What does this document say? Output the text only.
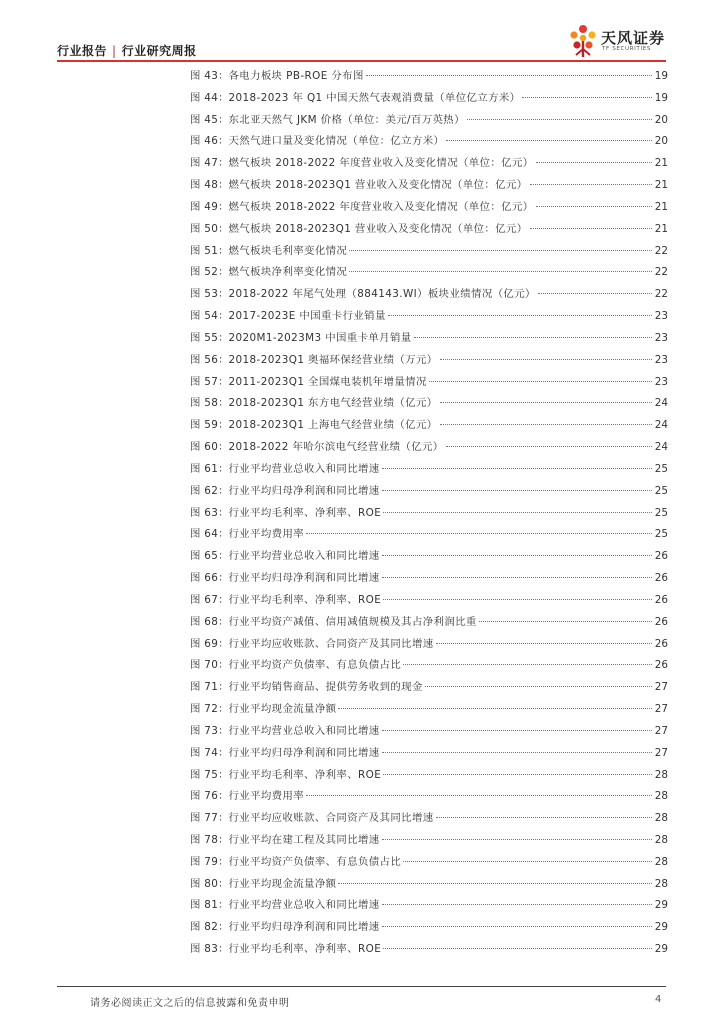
行业报告 | 行业研究周报
天风证券
TF SECURITIES
图 43 ： 各电力板块 PB-ROE 分布图	19
图 44 ： 2018-2023 年 Q1 中国天然气表观消费量（单位亿立方米）	19
图 45 ： 东北亚天然气 JKM 价格（单位：美元/百万英热）	20
图 46 ： 天然气进口量及变化情况（单位：亿立方米）	20
图 47 ： 燃气板块 2018-2022 年度营业收入及变化情况（单位：亿元）	21
图 48 ： 燃气板块 2018-2023Q1 营业收入及变化情况（单位：亿元）	21
图 49 ： 燃气板块 2018-2022 年度营业收入及变化情况（单位：亿元）	21
图 50 ： 燃气板块 2018-2023Q1 营业收入及变化情况（单位：亿元）	21
图 51 ： 燃气板块毛利率变化情况	22
图 52 ： 燃气板块净利率变化情况	22
图 53 ： 2018-2022 年尾气处理（884143.WI）板块业绩情况（亿元）	22
图 54 ： 2017-2023E 中国重卡行业销量	23
图 55 ： 2020M1-2023M3 中国重卡单月销量	23
图 56 ： 2018-2023Q1 奥福环保经营业绩（万元）	23
图 57 ： 2011-2023Q1 全国煤电装机年增量情况	23
图 58 ： 2018-2023Q1 东方电气经营业绩（亿元）	24
图 59 ： 2018-2023Q1 上海电气经营业绩（亿元）	24
图 60 ： 2018-2022 年哈尔滨电气经营业绩（亿元）	24
图 61 ： 行业平均营业总收入和同比增速	25
图 62 ： 行业平均归母净利润和同比增速	25
图 63 ： 行业平均毛利率、净利率、ROE	25
图 64 ： 行业平均费用率	25
图 65 ： 行业平均营业总收入和同比增速	26
图 66 ： 行业平均归母净利润和同比增速	26
图 67 ： 行业平均毛利率、净利率、ROE	26
图 68 ： 行业平均资产减值、信用减值规模及其占净利润比重	26
图 69 ： 行业平均应收账款、合同资产及其同比增速	26
图 70 ： 行业平均资产负债率、有息负债占比	26
图 71 ： 行业平均销售商品、提供劳务收到的现金	27
图 72 ： 行业平均现金流量净额	27
图 73 ： 行业平均营业总收入和同比增速	27
图 74 ： 行业平均归母净利润和同比增速	27
图 75 ： 行业平均毛利率、净利率、ROE	28
图 76 ： 行业平均费用率	28
图 77 ： 行业平均应收账款、合同资产及其同比增速	28
图 78 ： 行业平均在建工程及其同比增速	28
图 79 ： 行业平均资产负债率、有息负债占比	28
图 80 ： 行业平均现金流量净额	28
图 81 ： 行业平均营业总收入和同比增速	29
图 82 ： 行业平均归母净利润和同比增速	29
图 83 ： 行业平均毛利率、净利率、ROE	29
请务必阅读正文之后的信息披露和免责申明	4
